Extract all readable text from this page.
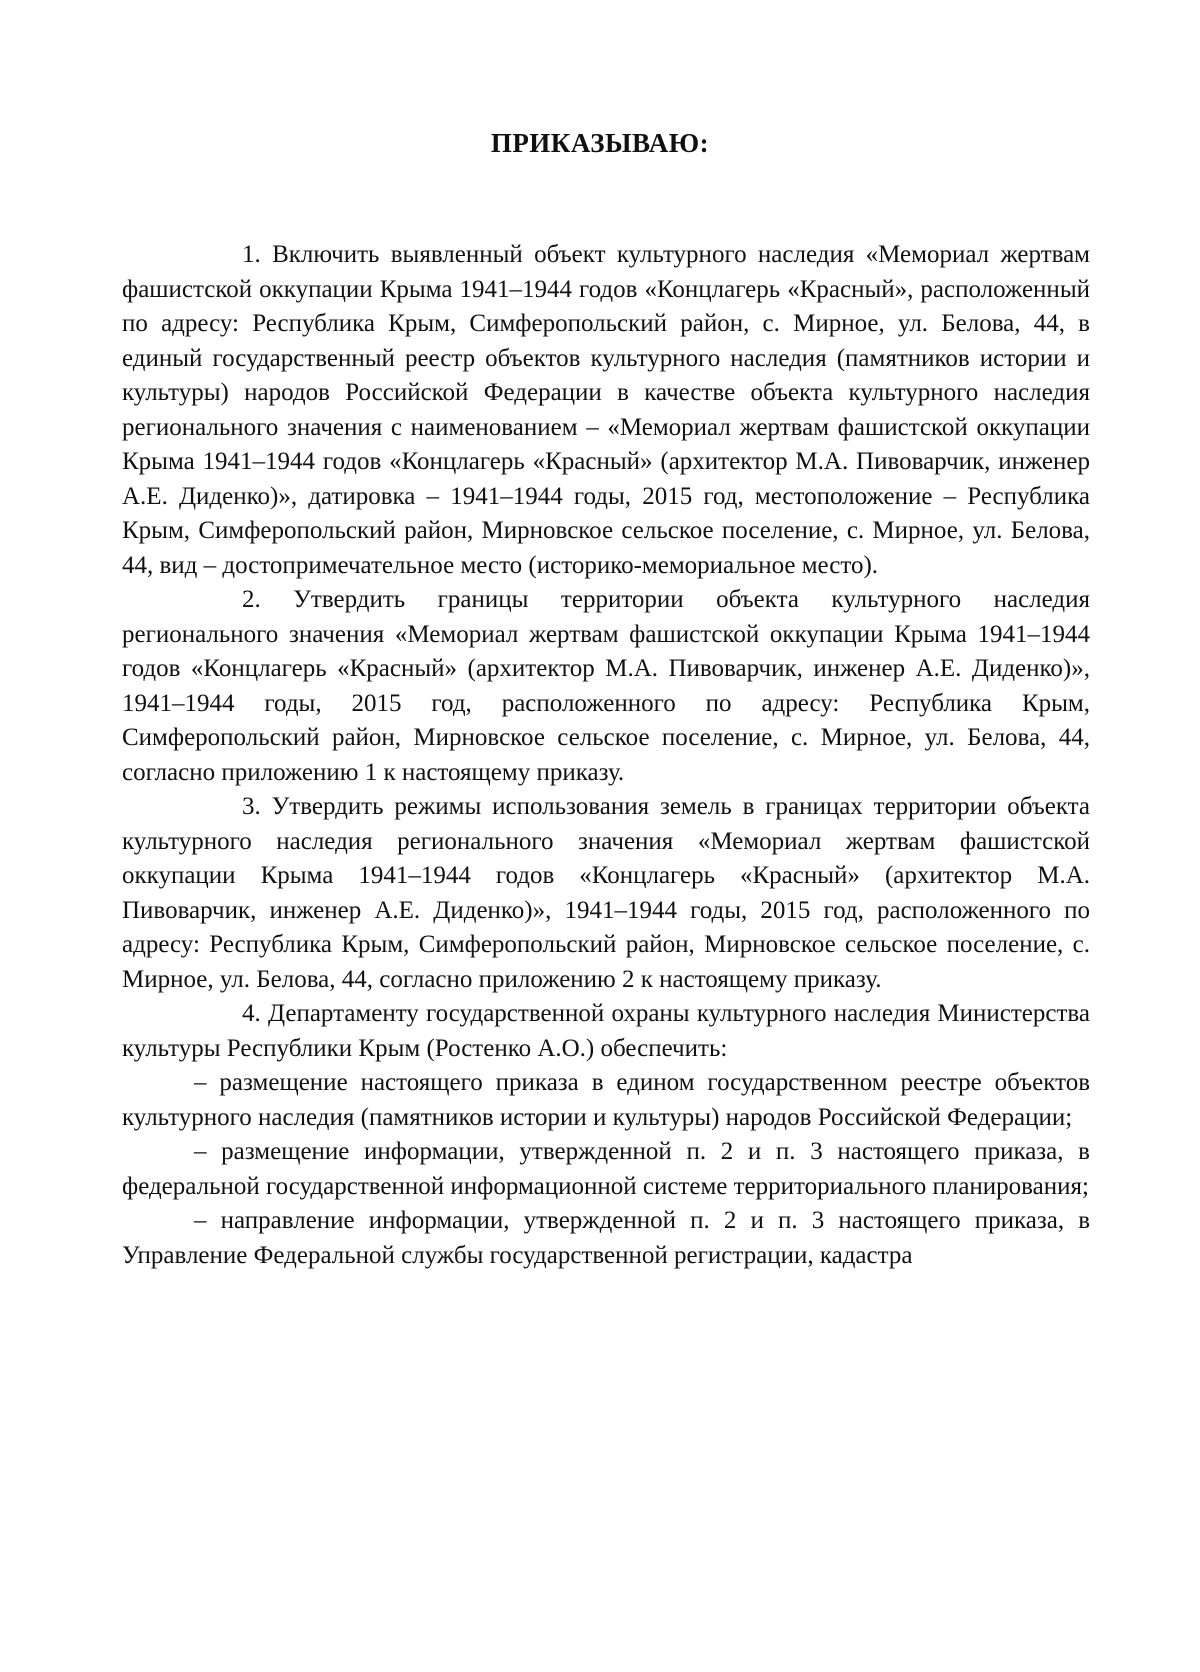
ПРИКАЗЫВАЮ:

1. Включить выявленный объект культурного наследия «Мемориал жертвам фашистской оккупации Крыма 1941–1944 годов «Концлагерь «Красный», расположенный по адресу: Республика Крым, Симферопольский район, с. Мирное, ул. Белова, 44, в единый государственный реестр объектов культурного наследия (памятников истории и культуры) народов Российской Федерации в качестве объекта культурного наследия регионального значения с наименованием – «Мемориал жертвам фашистской оккупации Крыма 1941–1944 годов «Концлагерь «Красный» (архитектор М.А. Пивоварчик, инженер А.Е. Диденко)», датировка – 1941–1944 годы, 2015 год, местоположение – Республика Крым, Симферопольский район, Мирновское сельское поселение, с. Мирное, ул. Белова, 44, вид – достопримечательное место (историко-мемориальное место).

2. Утвердить границы территории объекта культурного наследия регионального значения «Мемориал жертвам фашистской оккупации Крыма 1941–1944 годов «Концлагерь «Красный» (архитектор М.А. Пивоварчик, инженер А.Е. Диденко)», 1941–1944 годы, 2015 год, расположенного по адресу: Республика Крым, Симферопольский район, Мирновское сельское поселение, с. Мирное, ул. Белова, 44, согласно приложению 1 к настоящему приказу.

3. Утвердить режимы использования земель в границах территории объекта культурного наследия регионального значения «Мемориал жертвам фашистской оккупации Крыма 1941–1944 годов «Концлагерь «Красный» (архитектор М.А. Пивоварчик, инженер А.Е. Диденко)», 1941–1944 годы, 2015 год, расположенного по адресу: Республика Крым, Симферопольский район, Мирновское сельское поселение, с. Мирное, ул. Белова, 44, согласно приложению 2 к настоящему приказу.

4. Департаменту государственной охраны культурного наследия Министерства культуры Республики Крым (Ростенко А.О.) обеспечить:

– размещение настоящего приказа в едином государственном реестре объектов культурного наследия (памятников истории и культуры) народов Российской Федерации;

– размещение информации, утвержденной п. 2 и п. 3 настоящего приказа, в федеральной государственной информационной системе территориального планирования;

– направление информации, утвержденной п. 2 и п. 3 настоящего приказа, в Управление Федеральной службы государственной регистрации, кадастра
